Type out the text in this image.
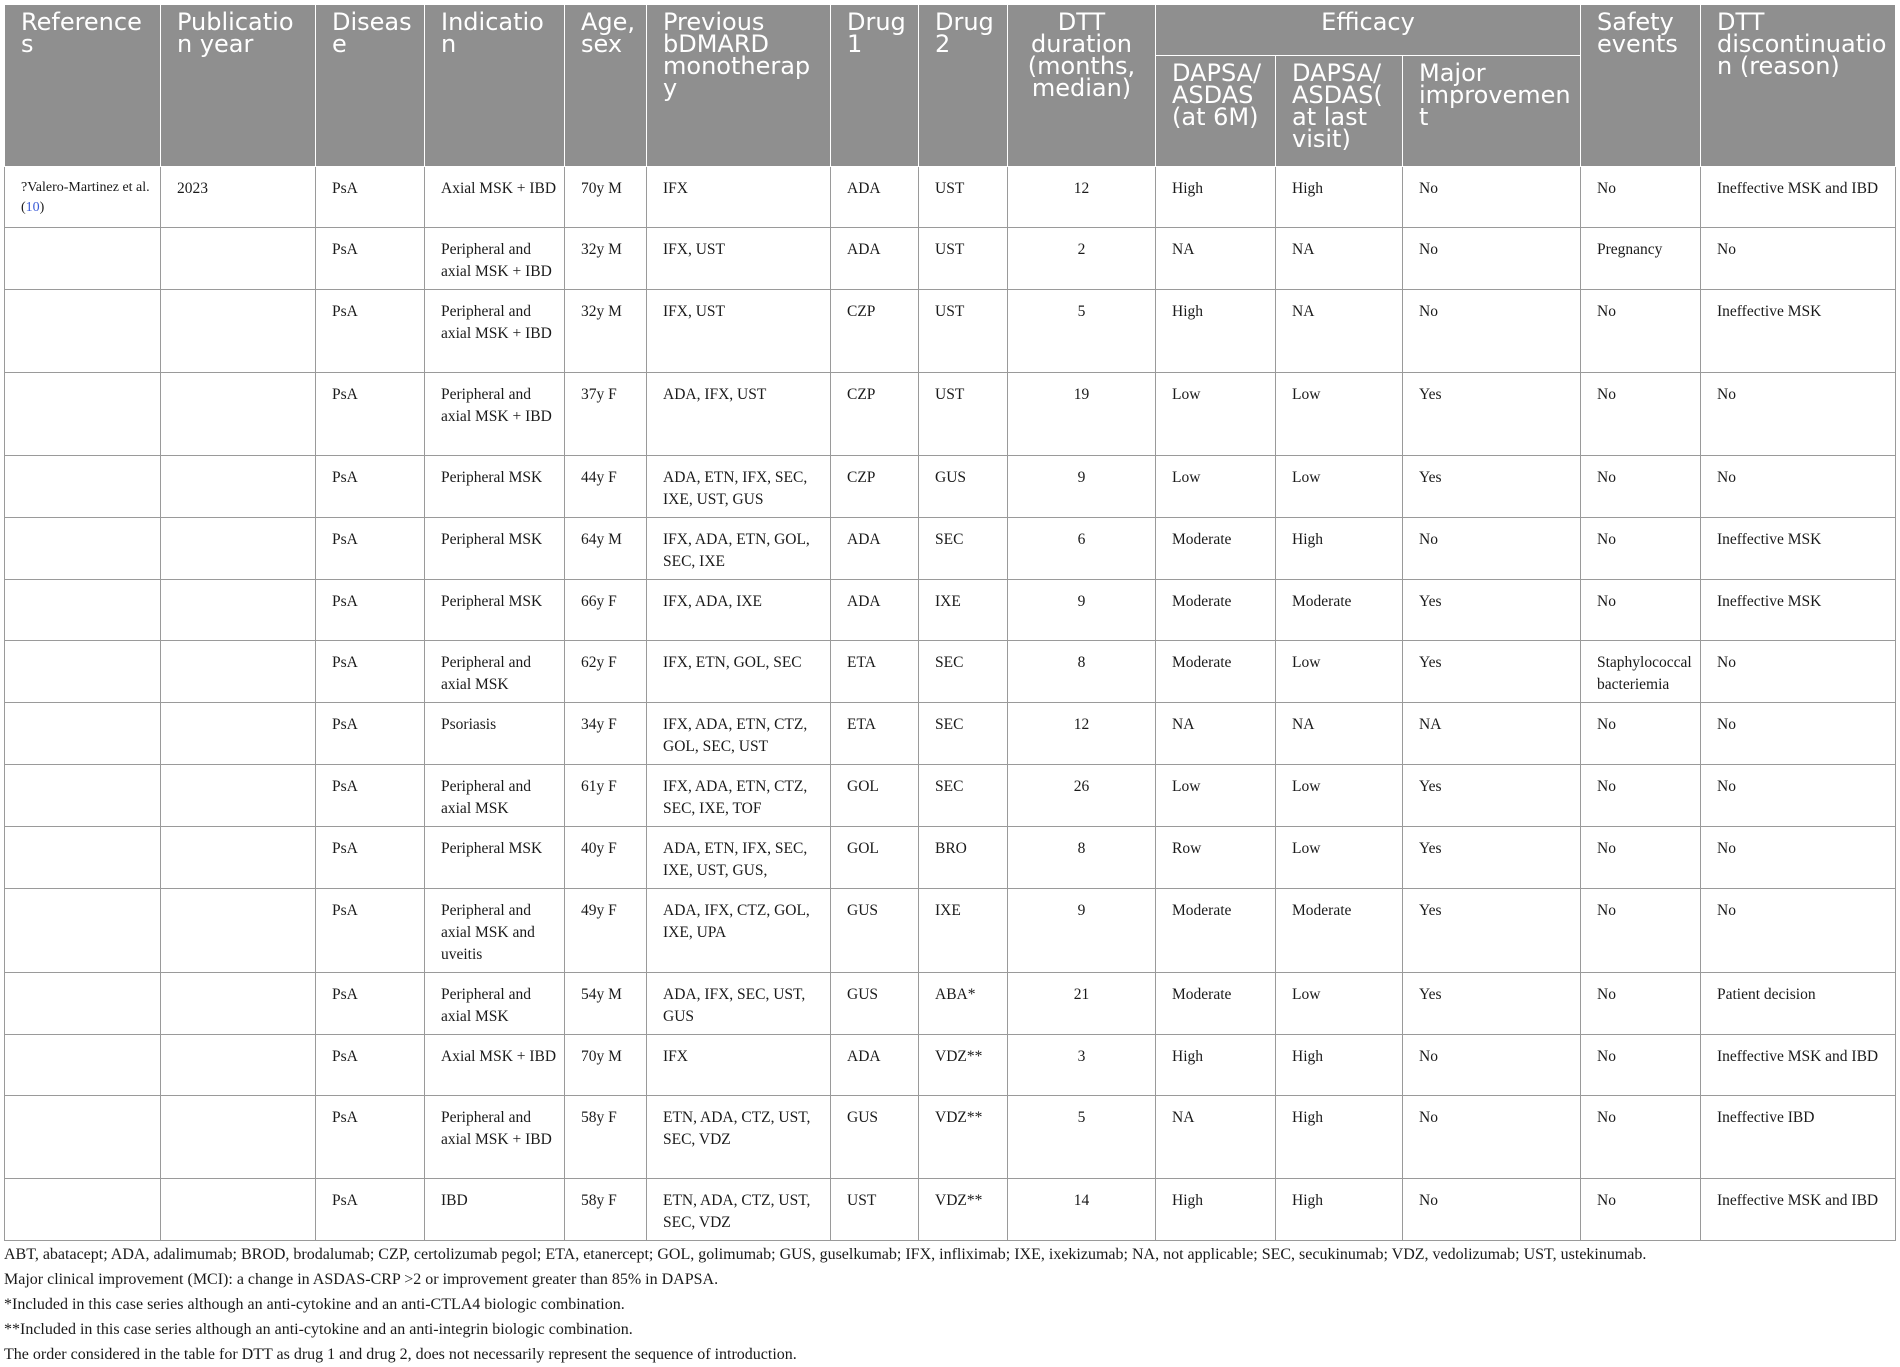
References	Publication year	Disease	Indication	Age, sex	Previous bDMARD monotherapy	Drug 1	Drug 2	DTT duration (months, median)	Efficacy			Safety events	DTT discontinuation (reason)
									DAPSA/ ASDAS (at 6M)	DAPSA/ ASDAS(at last visit)	Major improvement		
?Valero-Martinez et al. (10)	2023	PsA	Axial MSK + IBD	70y M	IFX	ADA	UST	12	High	High	No	No	Ineffective MSK and IBD
		PsA	Peripheral and axial MSK + IBD	32y M	IFX, UST	ADA	UST	2	NA	NA	No	Pregnancy	No
		PsA	Peripheral and axial MSK + IBD	32y M	IFX, UST	CZP	UST	5	High	NA	No	No	Ineffective MSK
		PsA	Peripheral and axial MSK + IBD	37y F	ADA, IFX, UST	CZP	UST	19	Low	Low	Yes	No	No
		PsA	Peripheral MSK	44y F	ADA, ETN, IFX, SEC, IXE, UST, GUS	CZP	GUS	9	Low	Low	Yes	No	No
		PsA	Peripheral MSK	64y M	IFX, ADA, ETN, GOL, SEC, IXE	ADA	SEC	6	Moderate	High	No	No	Ineffective MSK
		PsA	Peripheral MSK	66y F	IFX, ADA, IXE	ADA	IXE	9	Moderate	Moderate	Yes	No	Ineffective MSK
		PsA	Peripheral and axial MSK	62y F	IFX, ETN, GOL, SEC	ETA	SEC	8	Moderate	Low	Yes	Staphylococcal bacteriemia	No
		PsA	Psoriasis	34y F	IFX, ADA, ETN, CTZ, GOL, SEC, UST	ETA	SEC	12	NA	NA	NA	No	No
		PsA	Peripheral and axial MSK	61y F	IFX, ADA, ETN, CTZ, SEC, IXE, TOF	GOL	SEC	26	Low	Low	Yes	No	No
		PsA	Peripheral MSK	40y F	ADA, ETN, IFX, SEC, IXE, UST, GUS,	GOL	BRO	8	Row	Low	Yes	No	No
		PsA	Peripheral and axial MSK and uveitis	49y F	ADA, IFX, CTZ, GOL, IXE, UPA	GUS	IXE	9	Moderate	Moderate	Yes	No	No
		PsA	Peripheral and axial MSK	54y M	ADA, IFX, SEC, UST, GUS	GUS	ABA*	21	Moderate	Low	Yes	No	Patient decision
		PsA	Axial MSK + IBD	70y M	IFX	ADA	VDZ**	3	High	High	No	No	Ineffective MSK and IBD
		PsA	Peripheral and axial MSK + IBD	58y F	ETN, ADA, CTZ, UST, SEC, VDZ	GUS	VDZ**	5	NA	High	No	No	Ineffective IBD
		PsA	IBD	58y F	ETN, ADA, CTZ, UST, SEC, VDZ	UST	VDZ**	14	High	High	No	No	Ineffective MSK and IBD

ABT, abatacept; ADA, adalimumab; BROD, brodalumab; CZP, certolizumab pegol; ETA, etanercept; GOL, golimumab; GUS, guselkumab; IFX, infliximab; IXE, ixekizumab; NA, not applicable; SEC, secukinumab; VDZ, vedolizumab; UST, ustekinumab.

Major clinical improvement (MCI): a change in ASDAS-CRP >2 or improvement greater than 85% in DAPSA.

*Included in this case series although an anti-cytokine and an anti-CTLA4 biologic combination.

**Included in this case series although an anti-cytokine and an anti-integrin biologic combination.

The order considered in the table for DTT as drug 1 and drug 2, does not necessarily represent the sequence of introduction.
